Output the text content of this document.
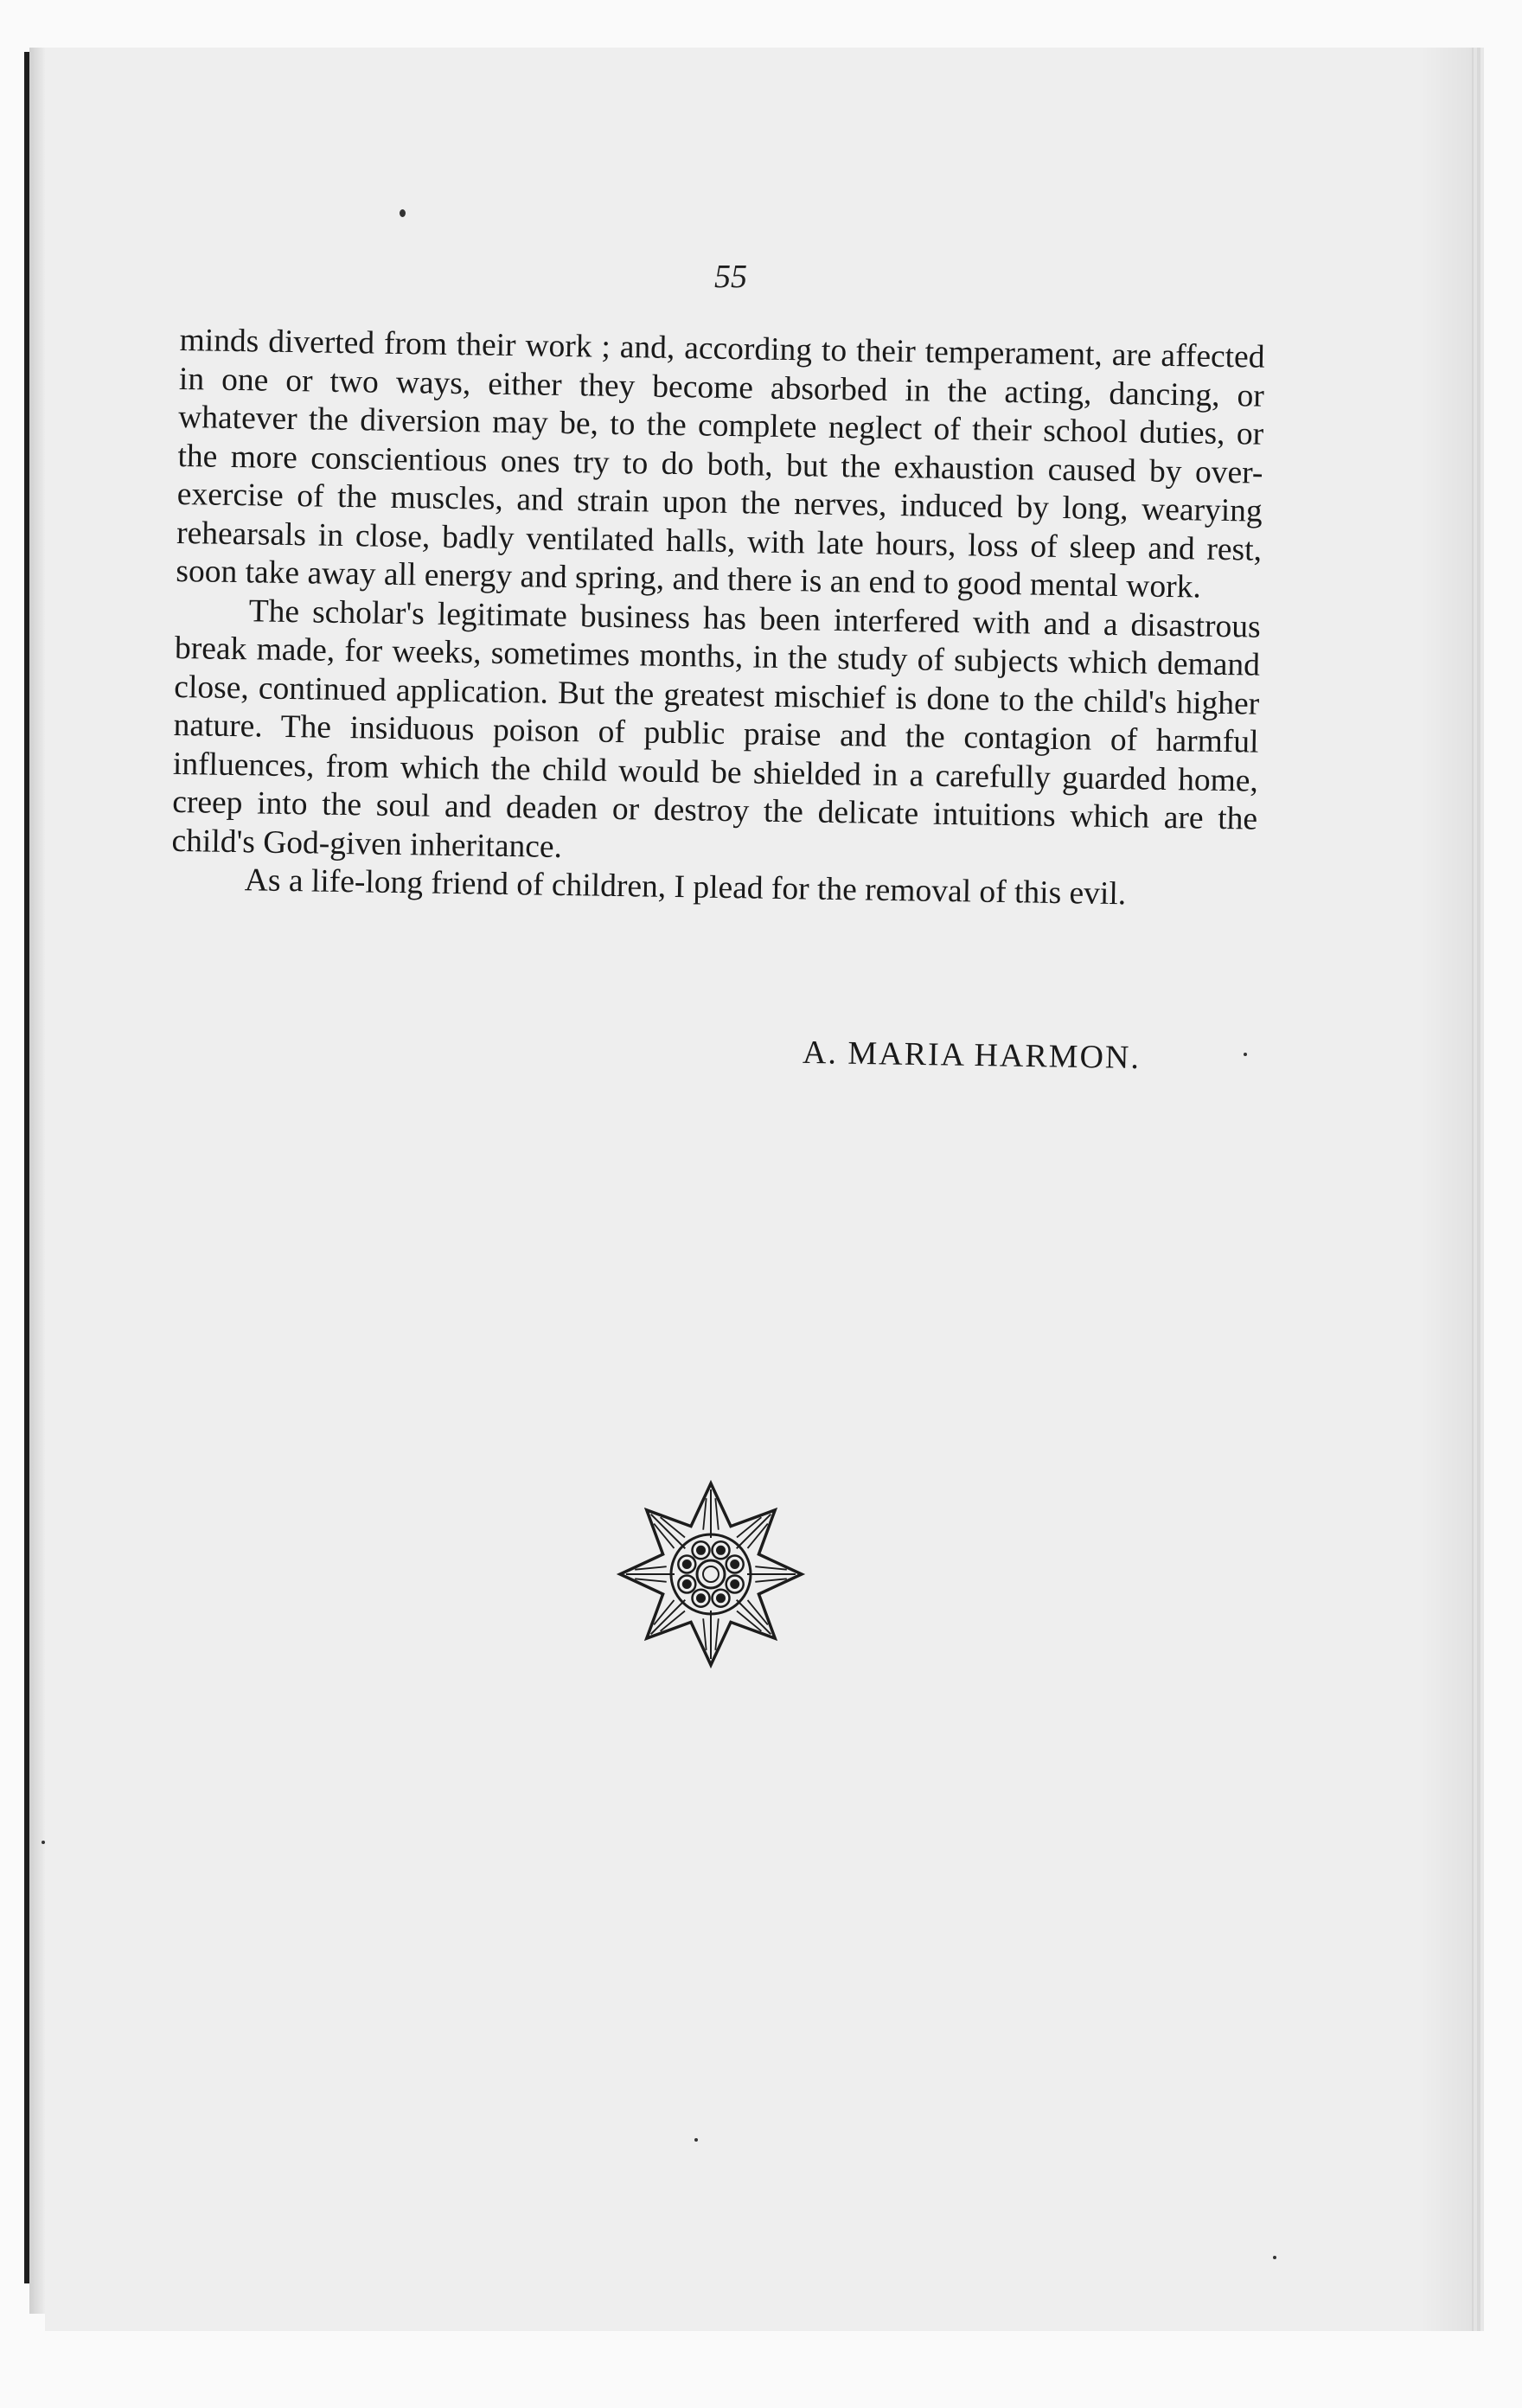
55

minds diverted from their work ; and, according to their temperament, are affected in one or two ways, either they become absorbed in the acting, dancing, or whatever the diversion may be, to the complete neglect of their school duties, or the more conscientious ones try to do both, but the exhaustion caused by over-exercise of the muscles, and strain upon the nerves, induced by long, wearying rehearsals in close, badly ventilated halls, with late hours, loss of sleep and rest, soon take away all energy and spring, and there is an end to good mental work.

The scholar's legitimate business has been interfered with and a disastrous break made, for weeks, sometimes months, in the study of subjects which demand close, continued application. But the greatest mischief is done to the child's higher nature. The insiduous poison of public praise and the contagion of harmful influences, from which the child would be shielded in a carefully guarded home, creep into the soul and deaden or destroy the delicate intuitions which are the child's God-given inheritance.

As a life-long friend of children, I plead for the removal of this evil.

A. MARIA HARMON.
